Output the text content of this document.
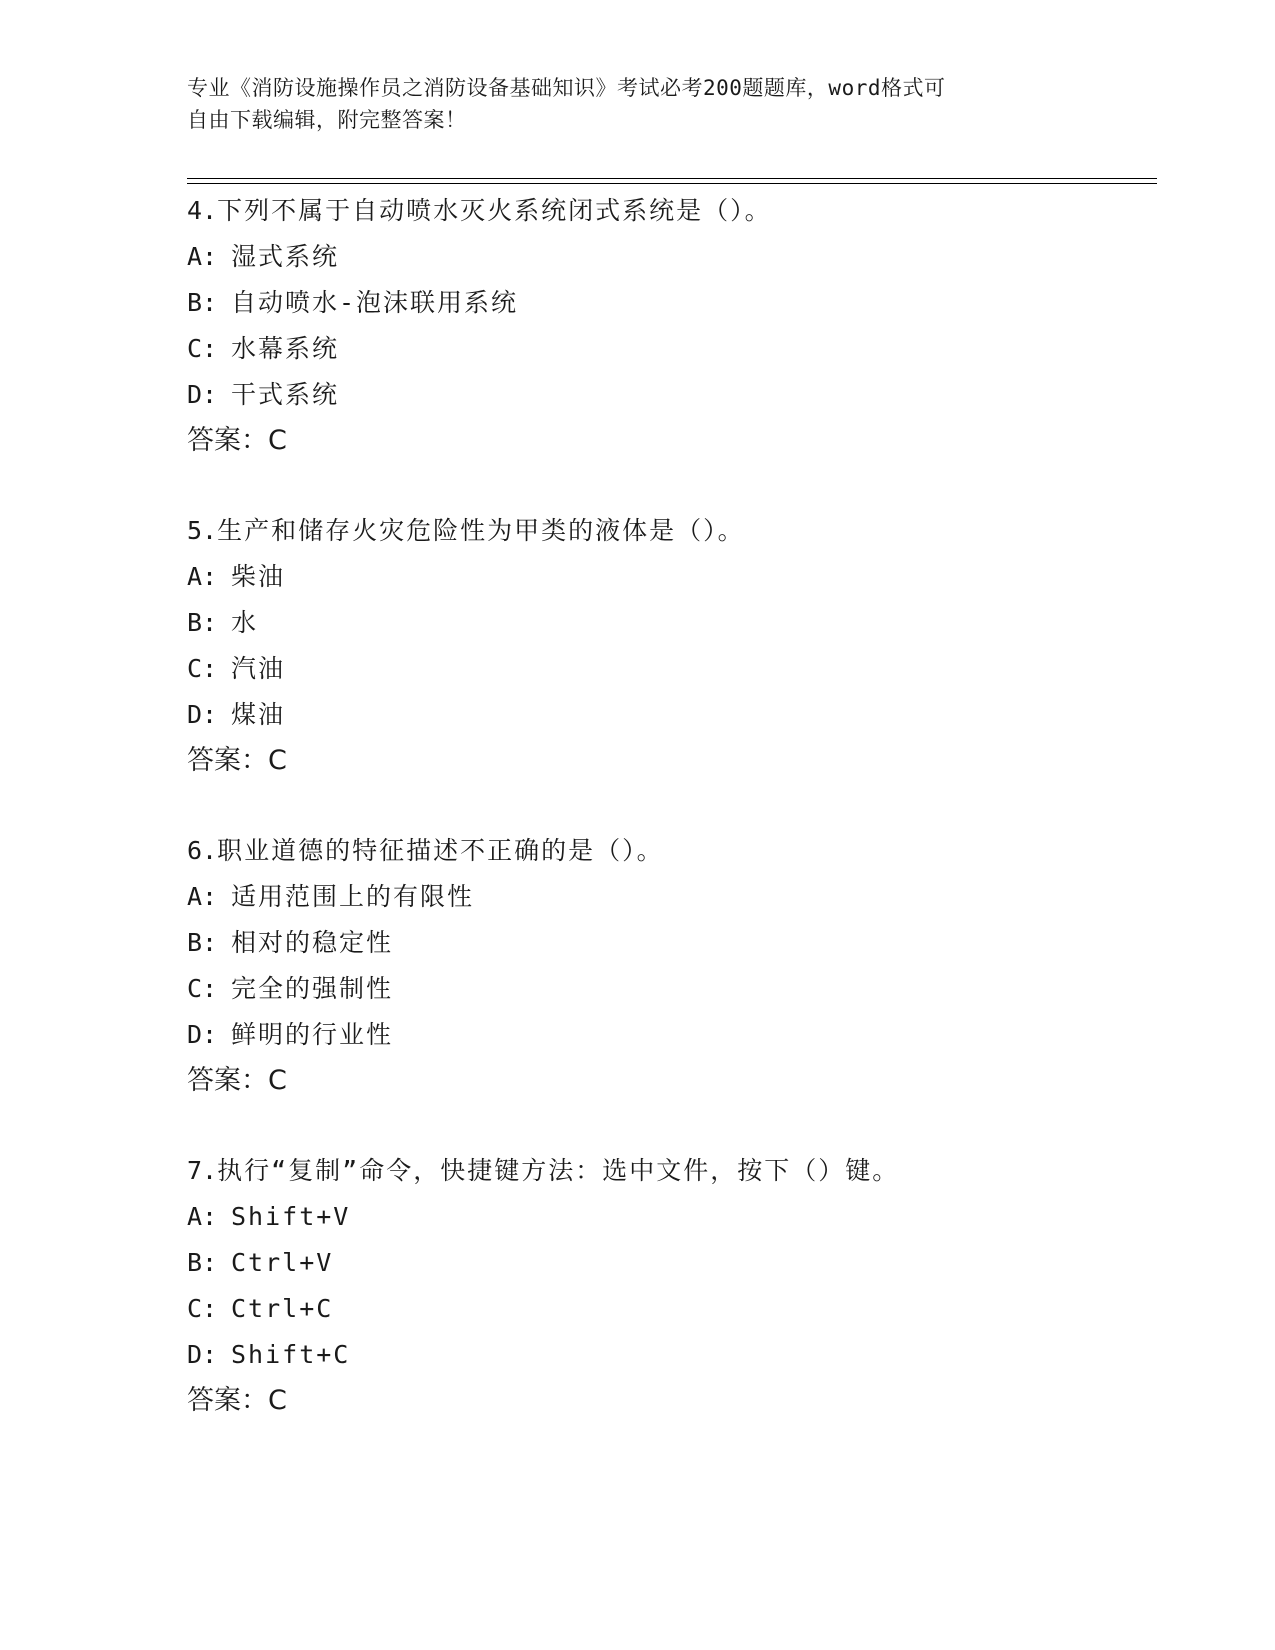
专业《消防设施操作员之消防设备基础知识》考试必考200题题库，word格式可
自由下载编辑，附完整答案！
4.下列不属于自动喷水灭火系统闭式系统是（）。
A: 湿式系统
B: 自动喷水-泡沫联用系统
C: 水幕系统
D: 干式系统
答案：C
5.生产和储存火灾危险性为甲类的液体是（）。
A: 柴油
B: 水
C: 汽油
D: 煤油
答案：C
6.职业道德的特征描述不正确的是（）。
A: 适用范围上的有限性
B: 相对的稳定性
C: 完全的强制性
D: 鲜明的行业性
答案：C
7.执行“复制”命令，快捷键方法：选中文件，按下（）键。
A: Shift+V
B: Ctrl+V
C: Ctrl+C
D: Shift+C
答案：C
